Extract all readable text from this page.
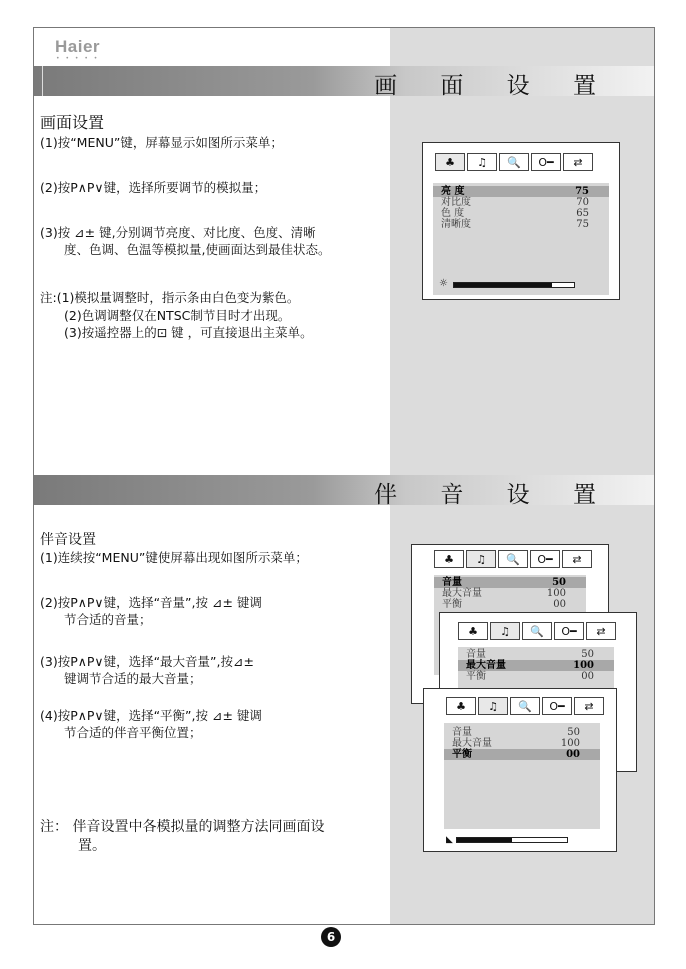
Haier
• • • • •
画 面 设 置
画面设置
(1)按“MENU”键，屏幕显示如图所示菜单；
(2)按P∧P∨键，选择所要调节的模拟量；
(3)按 ⊿± 键,分别调节亮度、对比度、色度、清晰
度、色调、色温等模拟量,使画面达到最佳状态。
注:(1)模拟量调整时，指示条由白色变为紫色。
(2)色调调整仅在NTSC制节目时才出现。
(3)按遥控器上的⊡ 键 ，可直接退出主菜单。
♣	♫	🔍	O━	⇄
亮 度	75
对比度	70
色 度	65
清晰度	75
☼
伴 音 设 置
伴音设置
(1)连续按“MENU”键使屏幕出现如图所示菜单；
(2)按P∧P∨键，选择“音量”,按 ⊿± 键调
节合适的音量；
(3)按P∧P∨键，选择“最大音量”,按⊿±
键调节合适的最大音量；
(4)按P∧P∨键，选择“平衡”,按 ⊿± 键调
节合适的伴音平衡位置；
注： 伴音设置中各模拟量的调整方法同画面设
置。
♣	♫	🔍	O━	⇄
音量	50
最大音量	100
平衡	00
♣	♫	🔍	O━	⇄
音量	50
最大音量	100
平衡	00
♣	♫	🔍	O━	⇄
音量	50
最大音量	100
平衡	00
◣
6
